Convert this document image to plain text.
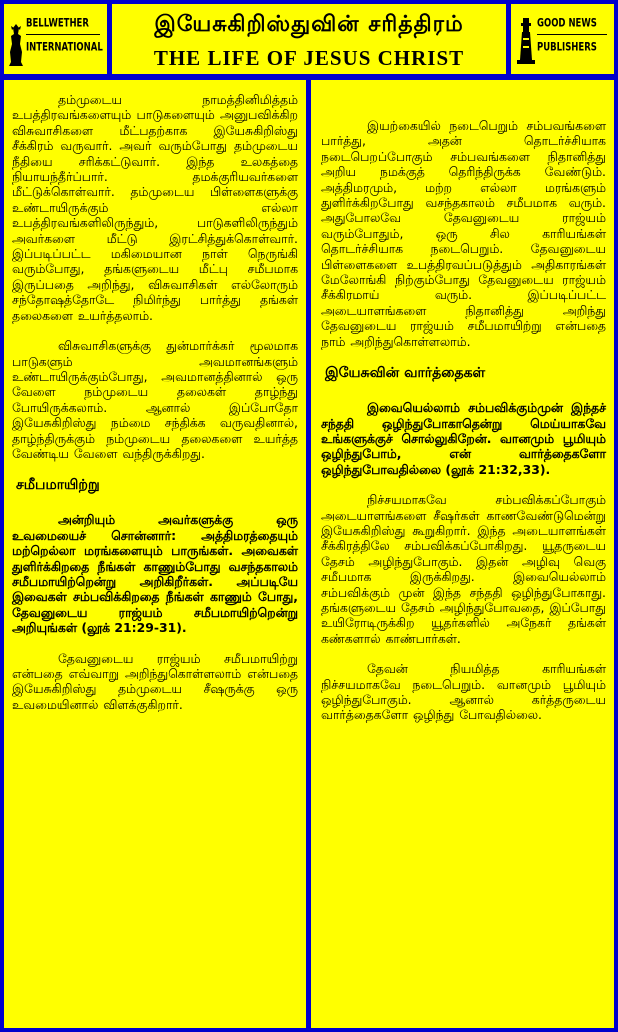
BELLWETHER
INTERNATIONAL
இயேசுகிறிஸ்துவின் சரித்திரம்
THE LIFE OF JESUS CHRIST
GOOD NEWS
PUBLISHERS

தம்முடைய நாமத்தினிமித்தம் உபத்திரவங்களையும் பாடுகளையும் அனுபவிக்கிற விசுவாசிகளை மீட்பதற்காக இயேசுகிறிஸ்து சீக்கிரம் வருவார். அவர் வரும்போது தம்முடைய நீதியை சரிக்கட்டுவார். இந்த உலகத்தை நியாயந்தீர்ப்பார். தமக்குரியவர்களை மீட்டுக்கொள்வார். தம்முடைய பிள்ளைகளுக்கு உண்டாயிருக்கும் எல்லா உபத்திரவங்களிலிருந்தும், பாடுகளிலிருந்தும் அவர்களை மீட்டு இரட்சித்துக்கொள்வார். இப்படிப்பட்ட மகிமையான நாள் நெருங்கி வரும்போது, தங்களுடைய மீட்பு சமீபமாக இருப்பதை அறிந்து, விசுவாசிகள் எல்லோரும் சந்தோஷத்தோடே நிமிர்ந்து பார்த்து தங்கள் தலைகளை உயர்த்தலாம்.

விசுவாசிகளுக்கு துன்மார்க்கர் மூலமாக பாடுகளும் அவமானங்களும் உண்டாயிருக்கும்போது, அவமானத்தினால் ஒரு வேளை நம்முடைய தலைகள் தாழ்ந்து போயிருக்கலாம். ஆனால் இப்போதோ இயேசுகிறிஸ்து நம்மை சந்திக்க வருவதினால், தாழ்ந்திருக்கும் நம்முடைய தலைகளை உயர்த்த வேண்டிய வேளை வந்திருக்கிறது.

சமீபமாயிற்று

அன்றியும் அவர்களுக்கு ஒரு உவமையைச் சொன்னார்: அத்திமரத்தையும் மற்றெல்லா மரங்களையும் பாருங்கள். அவைகள் துளிர்க்கிறதை நீங்கள் காணும்போது வசந்தகாலம் சமீபமாயிற்றென்று அறிகிறீர்கள். அப்படியே இவைகள் சம்பவிக்கிறதை நீங்கள் காணும் போது, தேவனுடைய ராஜ்யம் சமீபமாயிற்றென்று அறியுங்கள் (லூக் 21:29-31).

தேவனுடைய ராஜ்யம் சமீபமாயிற்று என்பதை எவ்வாறு அறிந்துகொள்ளலாம் என்பதை இயேசுகிறிஸ்து தம்முடைய சீஷருக்கு ஒரு உவமையினால் விளக்குகிறார்.

இயற்கையில் நடைபெறும் சம்பவங்களை பார்த்து, அதன் தொடர்ச்சியாக நடைபெறப்போகும் சம்பவங்களை நிதானித்து அறிய நமக்குத் தெரிந்திருக்க வேண்டும். அத்திமரமும், மற்ற எல்லா மரங்களும் துளிர்க்கிறபோது வசந்தகாலம் சமீபமாக வரும். அதுபோலவே தேவனுடைய ராஜ்யம் வரும்போதும், ஒரு சில காரியங்கள் தொடர்ச்சியாக நடைபெறும். தேவனுடைய பிள்ளைகளை உபத்திரவப்படுத்தும் அதிகாரங்கள் மேலோங்கி நிற்கும்போது தேவனுடைய ராஜ்யம் சீக்கிரமாய் வரும். இப்படிப்பட்ட அடையாளங்களை நிதானித்து அறிந்து தேவனுடைய ராஜ்யம் சமீபமாயிற்று என்பதை நாம் அறிந்துகொள்ளலாம்.

இயேசுவின் வார்த்தைகள்

இவையெல்லாம் சம்பவிக்கும்முன் இந்தச் சந்ததி ஒழிந்துபோகாதென்று மெய்யாகவே உங்களுக்குச் சொல்லுகிறேன். வானமும் பூமியும் ஒழிந்துபோம், என் வார்த்தைகளோ ஒழிந்துபோவதில்லை (லூக் 21:32,33).

நிச்சயமாகவே சம்பவிக்கப்போகும் அடையாளங்களை சீஷர்கள் காணவேண்டுமென்று இயேசுகிறிஸ்து கூறுகிறார். இந்த அடையாளங்கள் சீக்கிரத்திலே சம்பவிக்கப்போகிறது. யூதருடைய தேசம் அழிந்துபோகும். இதன் அழிவு வெகு சமீபமாக இருக்கிறது. இவையெல்லாம் சம்பவிக்கும் முன் இந்த சந்ததி ஒழிந்துபோகாது. தங்களுடைய தேசம் அழிந்துபோவதை, இப்போது உயிரோடிருக்கிற யூதர்களில் அநேகர் தங்கள் கண்களால் காண்பார்கள்.

தேவன் நியமித்த காரியங்கள் நிச்சயமாகவே நடைபெறும். வானமும் பூமியும் ஒழிந்துபோகும். ஆனால் கர்த்தருடைய வார்த்தைகளோ ஒழிந்து போவதில்லை.
